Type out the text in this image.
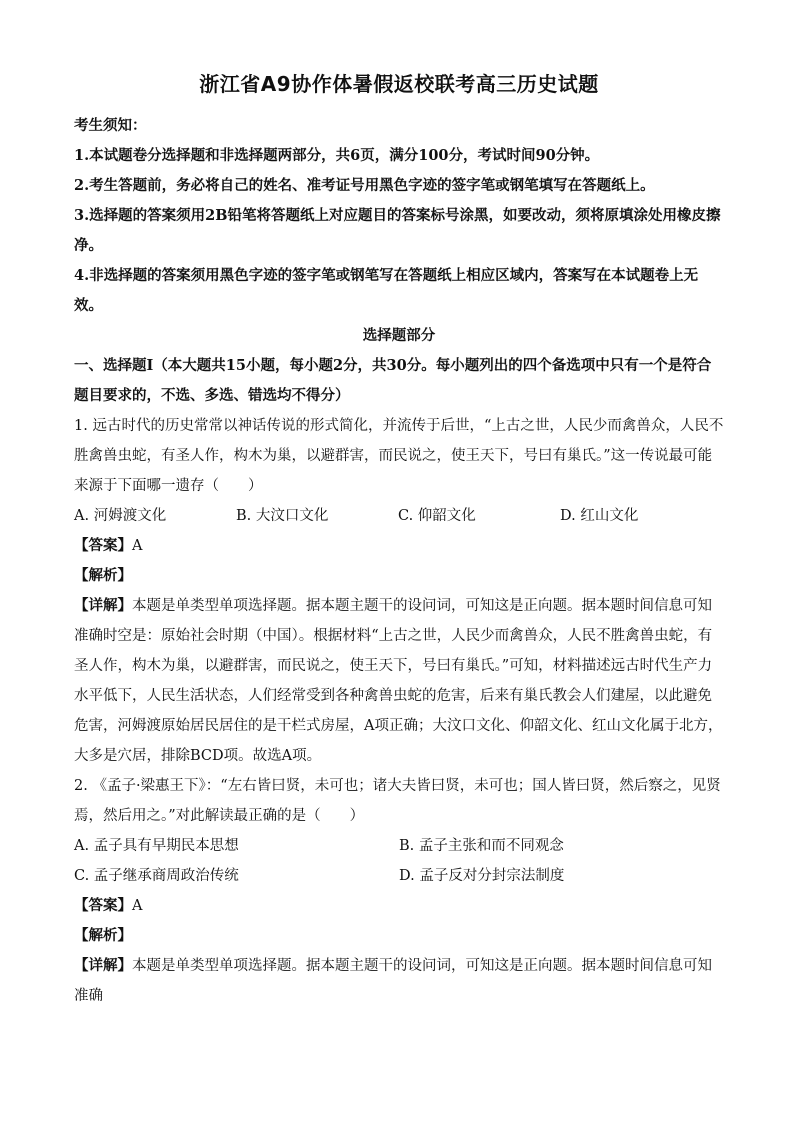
浙江省A9协作体暑假返校联考高三历史试题

考生须知：

1.本试题卷分选择题和非选择题两部分，共6页，满分100分，考试时间90分钟。

2.考生答题前，务必将自己的姓名、准考证号用黑色字迹的签字笔或钢笔填写在答题纸上。

3.选择题的答案须用2B铅笔将答题纸上对应题目的答案标号涂黑，如要改动，须将原填涂处用橡皮擦净。

4.非选择题的答案须用黑色字迹的签字笔或钢笔写在答题纸上相应区域内，答案写在本试题卷上无效。

选择题部分

一、选择题Ⅰ（本大题共15小题，每小题2分，共30分。每小题列出的四个备选项中只有一个是符合题目要求的，不选、多选、错选均不得分）

1. 远古时代的历史常常以神话传说的形式简化，并流传于后世，“上古之世，人民少而禽兽众，人民不胜禽兽虫蛇，有圣人作，构木为巢，以避群害，而民说之，使王天下，号曰有巢氏。”这一传说最可能来源于下面哪一遗存（　　）

A. 河姆渡文化	B. 大汶口文化	C. 仰韶文化	D. 红山文化

【答案】A

【解析】

【详解】本题是单类型单项选择题。据本题主题干的设问词，可知这是正向题。据本题时间信息可知准确时空是：原始社会时期（中国）。根据材料“上古之世，人民少而禽兽众，人民不胜禽兽虫蛇，有圣人作，构木为巢，以避群害，而民说之，使王天下，号曰有巢氏。”可知，材料描述远古时代生产力水平低下，人民生活状态，人们经常受到各种禽兽虫蛇的危害，后来有巢氏教会人们建屋，以此避免危害，河姆渡原始居民居住的是干栏式房屋，A项正确；大汶口文化、仰韶文化、红山文化属于北方，大多是穴居，排除BCD项。故选A项。

2. 《孟子·梁惠王下》：“左右皆曰贤，未可也；诸大夫皆曰贤，未可也；国人皆曰贤，然后察之，见贤焉，然后用之。”对此解读最正确的是（　　）

A. 孟子具有早期民本思想	B. 孟子主张和而不同观念
C. 孟子继承商周政治传统	D. 孟子反对分封宗法制度

【答案】A

【解析】

【详解】本题是单类型单项选择题。据本题主题干的设问词，可知这是正向题。据本题时间信息可知准确
